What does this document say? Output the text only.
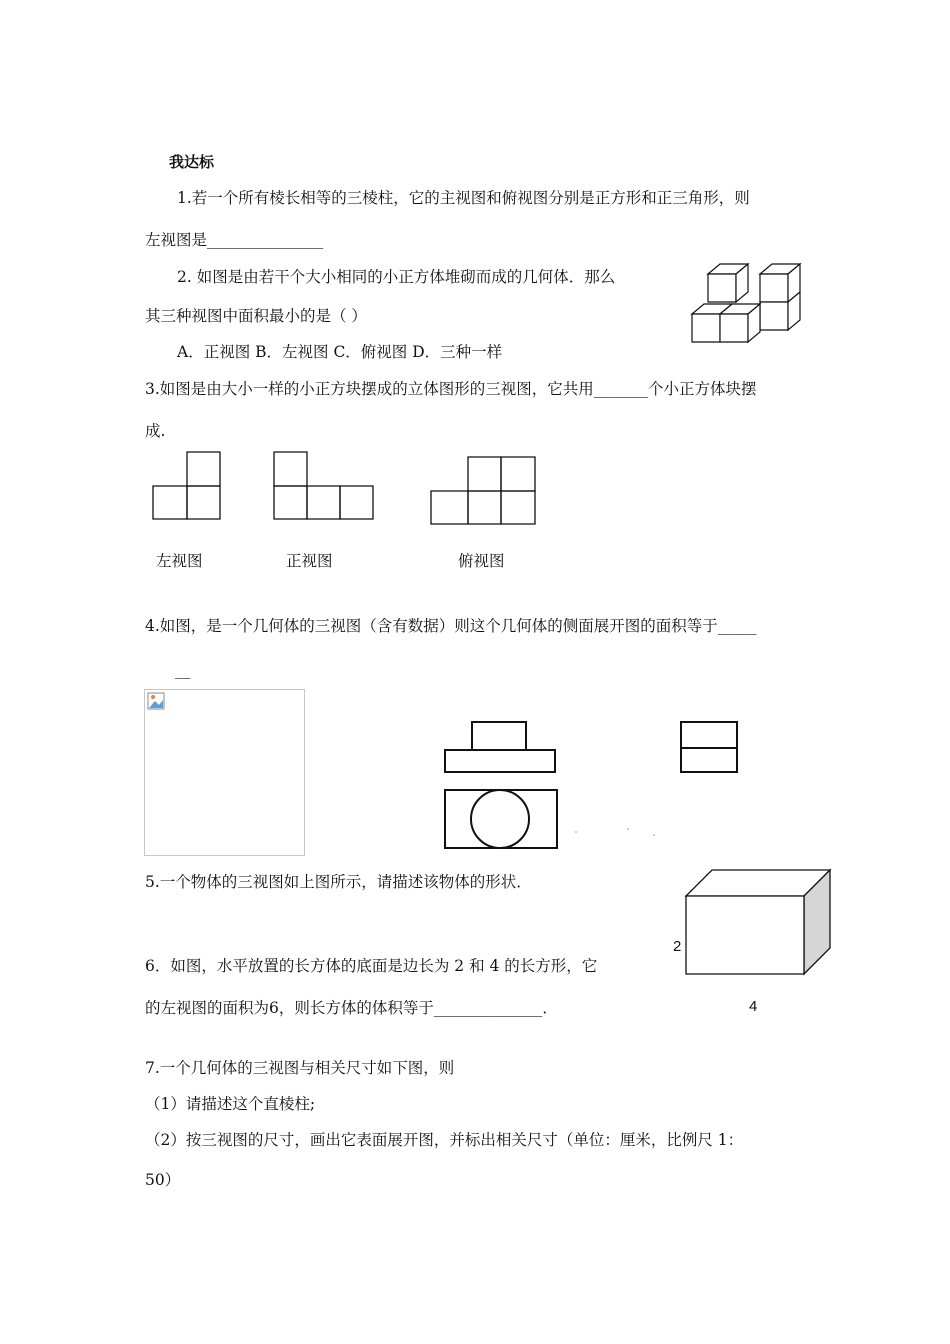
我达标
1.若一个所有棱长相等的三棱柱，它的主视图和俯视图分别是正方形和正三角形，则
左视图是_______________
2. 如图是由若干个大小相同的小正方体堆砌而成的几何体．那么
其三种视图中面积最小的是（ ）
A．正视图 B．左视图 C．俯视图 D．三种一样
3.如图是由大小一样的小正方块摆成的立体图形的三视图，它共用_______个小正方体块摆
成.
左视图	正视图	俯视图
4.如图，是一个几何体的三视图（含有数据）则这个几何体的侧面展开图的面积等于_____
__
5.一个物体的三视图如上图所示，请描述该物体的形状．
2
4
6．如图，水平放置的长方体的底面是边长为 2 和 4 的长方形，它
的左视图的面积为6，则长方体的体积等于______________．
7.一个几何体的三视图与相关尺寸如下图，则
（1）请描述这个直棱柱;
（2）按三视图的尺寸，画出它表面展开图，并标出相关尺寸（单位：厘米，比例尺 1：
50）
